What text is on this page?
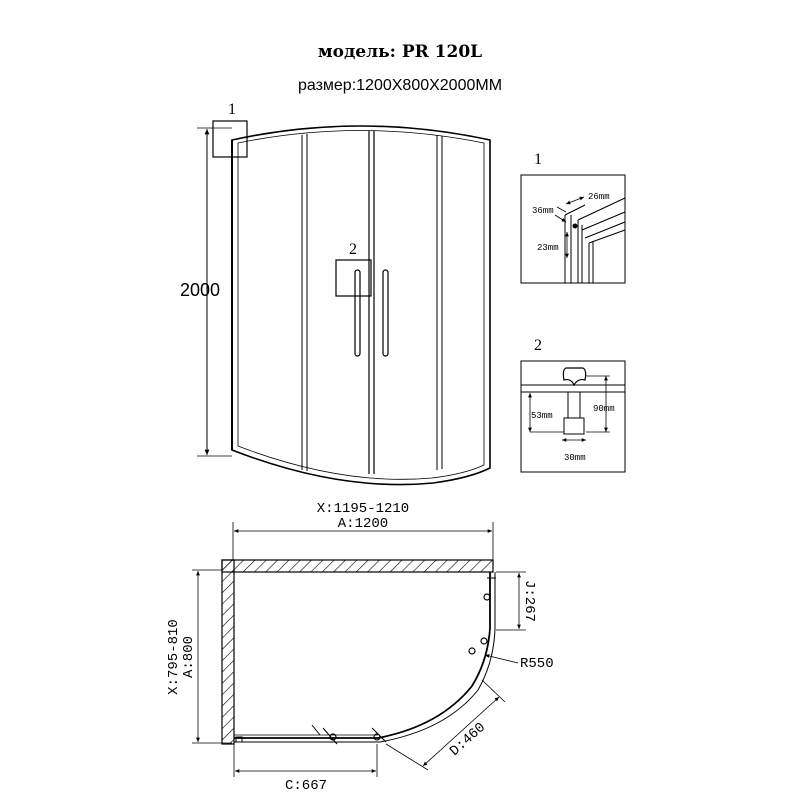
модель: PR 120L
размер:1200X800X2000MM
2000
1
2
1
26mm
36mm
23mm
2
53mm
90mm
30mm
X:1195-1210
A:1200
X:795-810 A:800
C:667
J:267
R550
D:460
